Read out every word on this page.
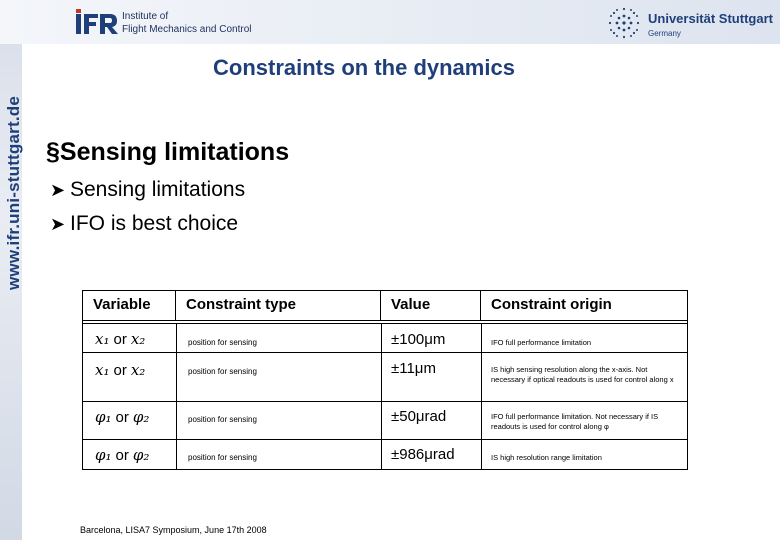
www.ifr.uni-stuttgart.de
Institute of
Flight Mechanics and Control
Universität Stuttgart
Germany
Constraints on the dynamics
§Sensing limitations
➤ Sensing limitations
➤ IFO is best choice
Variable	Constraint type	Value	Constraint origin
x₁ or x₂	position for sensing	±100μm	IFO full performance limitation
x₁ or x₂	position for sensing	±11μm	IS high sensing resolution along the x-axis. Not necessary if optical readouts is used for control along x
φ₁ or φ₂	position for sensing	±50μrad	IFO full performance limitation. Not necessary if IS readouts is used for control along φ
φ₁ or φ₂	position for sensing	±986μrad	IS high resolution range limitation
Barcelona, LISA7 Symposium, June 17th 2008
